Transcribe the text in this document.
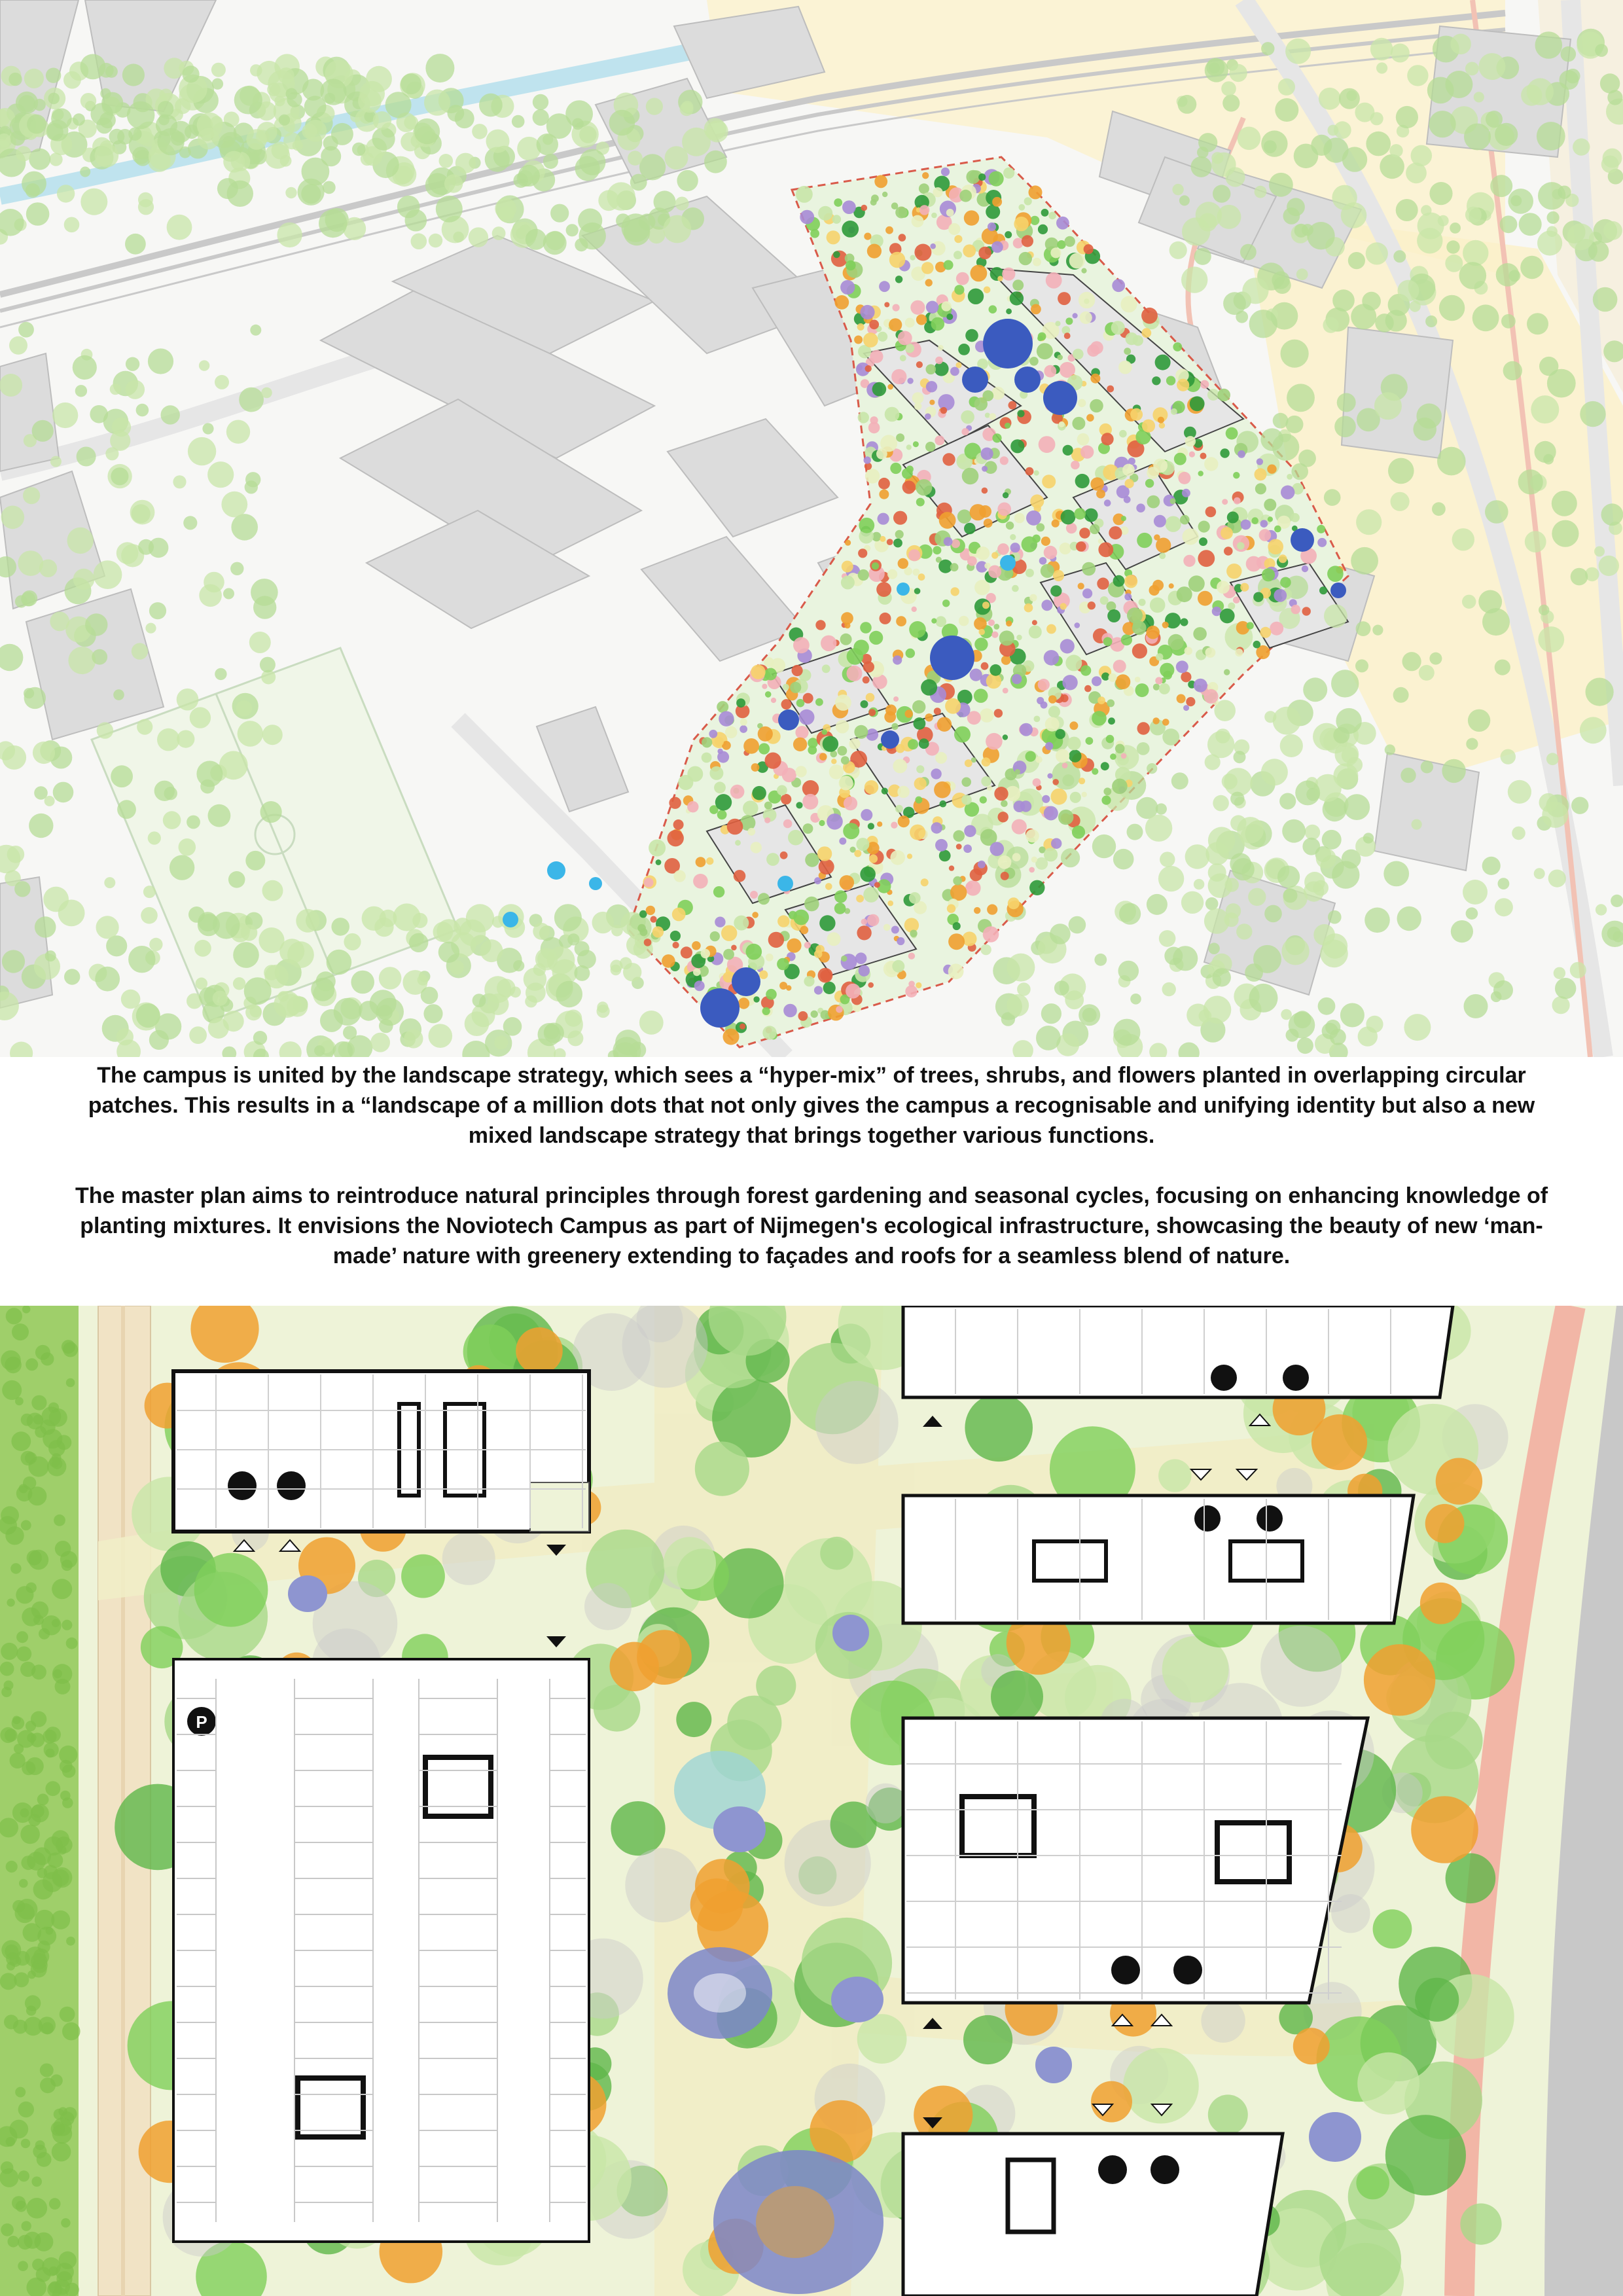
The campus is united by the landscape strategy, which sees a “hyper-mix” of trees, shrubs, and flowers planted in overlapping circular patches. This results in a “landscape of a million dots that not only gives the campus a recognisable and unifying identity but also a new mixed landscape strategy that brings together various functions.

The master plan aims to reintroduce natural principles through forest gardening and seasonal cycles, focusing on enhancing knowledge of planting mixtures. It envisions the Noviotech Campus as part of Nijmegen's ecological infrastructure, showcasing the beauty of new ‘man-made’ nature with greenery extending to façades and roofs for a seamless blend of nature.

P
